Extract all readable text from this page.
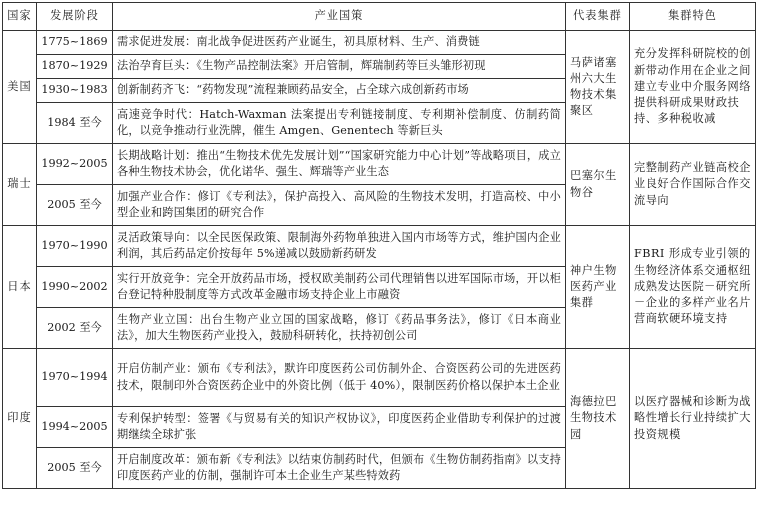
国家	发展阶段	产业国策	代表集群	集群特色
美国	1775~1869	需求促进发展：南北战争促进医药产业诞生，初具原材料、生产、消费链	马萨诸塞州六大生物技术集聚区	充分发挥科研院校的创新带动作用在企业之间建立专业中介服务网络提供科研成果财政扶持、多种税收减
	1870~1929	法治孕育巨头：《生物产品控制法案》开启管制，辉瑞制药等巨头雏形初现		
	1930~1983	创新制药齐飞：“药物发现”流程兼顾药品安全，占全球六成创新药市场		
	1984 至今	高速竞争时代：Hatch-Waxman 法案提出专利链接制度、专利期补偿制度、仿制药简化，以竞争推动行业洗牌，催生 Amgen、Genentech 等新巨头		
瑞士	1992~2005	长期战略计划：推出“生物技术优先发展计划”“国家研究能力中心计划”等战略项目，成立各种生物技术协会，优化诺华、强生、辉瑞等产业生态	巴塞尔生物谷	完整制药产业链高校企业良好合作国际合作交流导向
	2005 至今	加强产业合作：修订《专利法》，保护高投入、高风险的生物技术发明，打造高校、中小型企业和跨国集团的研究合作		
日本	1970~1990	灵活政策导向：以全民医保政策、限制海外药物单独进入国内市场等方式，维护国内企业利润，其后药品定价按每年 5%递减以鼓励新药研发	神户生物医药产业集群	FBRI 形成专业引领的生物经济体系交通枢纽成熟发达医院－研究所－企业的多样产业名片营商软硬环境支持
	1990~2002	实行开放竞争：完全开放药品市场，授权欧美制药公司代理销售以进军国际市场，开以柜台登记特种股制度等方式改革金融市场支持企业上市融资		
	2002 至今	生物产业立国：出台生物产业立国的国家战略，修订《药品事务法》，修订《日本商业法》，加大生物医药产业投入，鼓励科研转化，扶持初创公司		
印度	1970~1994	开启仿制产业：颁布《专利法》，默许印度医药公司仿制外企、合资医药公司的先进医药技术，限制印外合资医药企业中的外资比例（低于 40%），限制医药价格以保护本土企业	海德拉巴生物技术园	以医疗器械和诊断为战略性增长行业持续扩大投资规模
	1994~2005	专利保护转型：签署《与贸易有关的知识产权协议》，印度医药企业借助专利保护的过渡期继续全球扩张		
	2005 至今	开启制度改革：颁布新《专利法》以结束仿制药时代，但颁布《生物仿制药指南》以支持印度医药产业的仿制，强制许可本土企业生产某些特效药		
